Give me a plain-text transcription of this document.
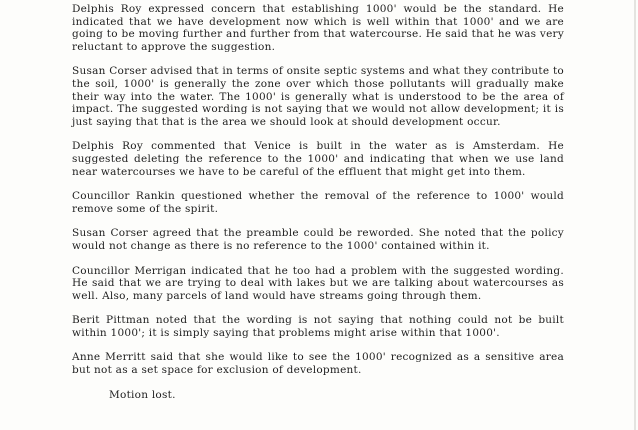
Delphis Roy expressed concern that establishing 1000' would be the standard. He indicated that we have development now which is well within that 1000' and we are going to be moving further and further from that watercourse. He said that he was very reluctant to approve the suggestion.

Susan Corser advised that in terms of onsite septic systems and what they contribute to the soil, 1000' is generally the zone over which those pollutants will gradually make their way into the water. The 1000' is generally what is understood to be the area of impact. The suggested wording is not saying that we would not allow development; it is just saying that that is the area we should look at should development occur.

Delphis Roy commented that Venice is built in the water as is Amsterdam. He suggested deleting the reference to the 1000' and indicating that when we use land near watercourses we have to be careful of the effluent that might get into them.

Councillor Rankin questioned whether the removal of the reference to 1000' would remove some of the spirit.

Susan Corser agreed that the preamble could be reworded. She noted that the policy would not change as there is no reference to the 1000' contained within it.

Councillor Merrigan indicated that he too had a problem with the suggested wording. He said that we are trying to deal with lakes but we are talking about watercourses as well. Also, many parcels of land would have streams going through them.

Berit Pittman noted that the wording is not saying that nothing could not be built within 1000'; it is simply saying that problems might arise within that 1000'.

Anne Merritt said that she would like to see the 1000' recognized as a sensitive area but not as a set space for exclusion of development.

Motion lost.
